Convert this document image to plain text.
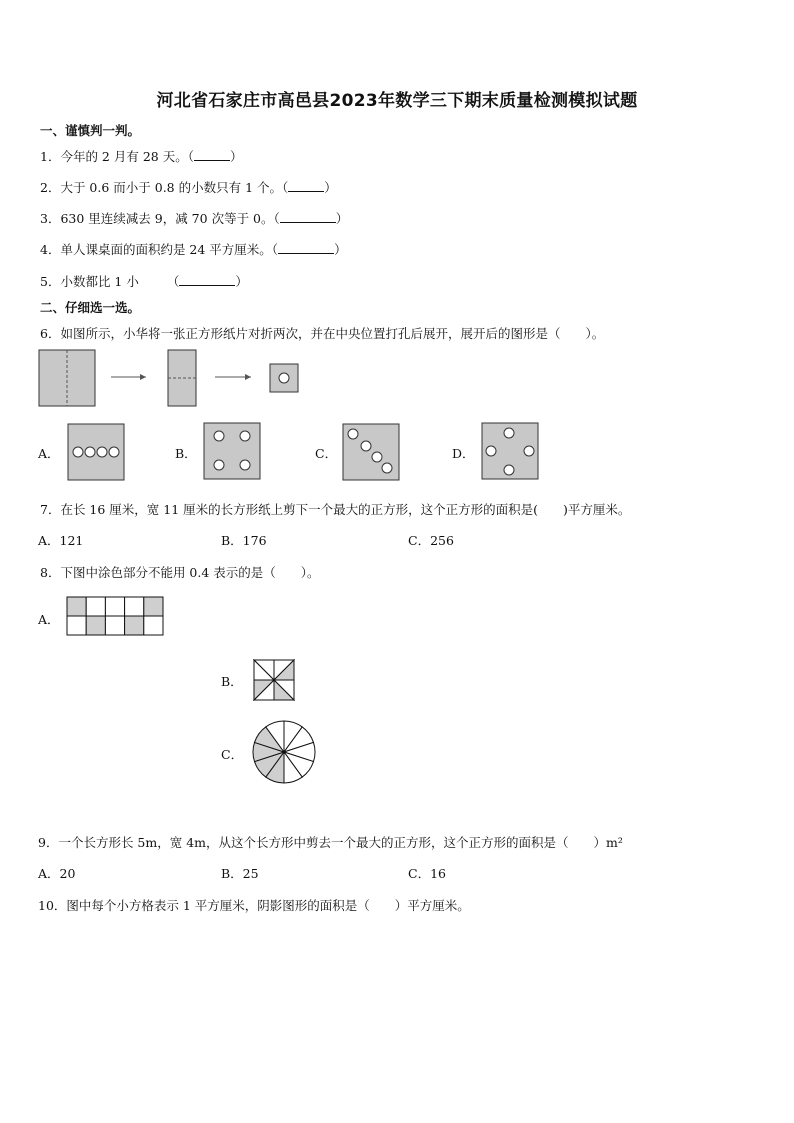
河北省石家庄市高邑县2023年数学三下期末质量检测模拟试题
一、谨慎判一判。
1．今年的 2 月有 28 天。（	）
2．大于 0.6 而小于 0.8 的小数只有 1 个。（	）
3．630 里连续减去 9，减 70 次等于 0。（	）
4．单人课桌面的面积约是 24 平方厘米。（	）
5．小数都比 1 小 （	）
二、仔细选一选。
6．如图所示，小华将一张正方形纸片对折两次，并在中央位置打孔后展开，展开后的图形是（　　）。
A．	B．	C．	D．
7．在长 16 厘米，宽 11 厘米的长方形纸上剪下一个最大的正方形，这个正方形的面积是(　　)平方厘米。
A．121	B．176	C．256
8．下图中涂色部分不能用 0.4 表示的是（　　）。
A．
B．
C．
9．一个长方形长 5m，宽 4m，从这个长方形中剪去一个最大的正方形，这个正方形的面积是（　　）m²
A．20	B．25	C．16
10．图中每个小方格表示 1 平方厘米，阴影图形的面积是（　　）平方厘米。
